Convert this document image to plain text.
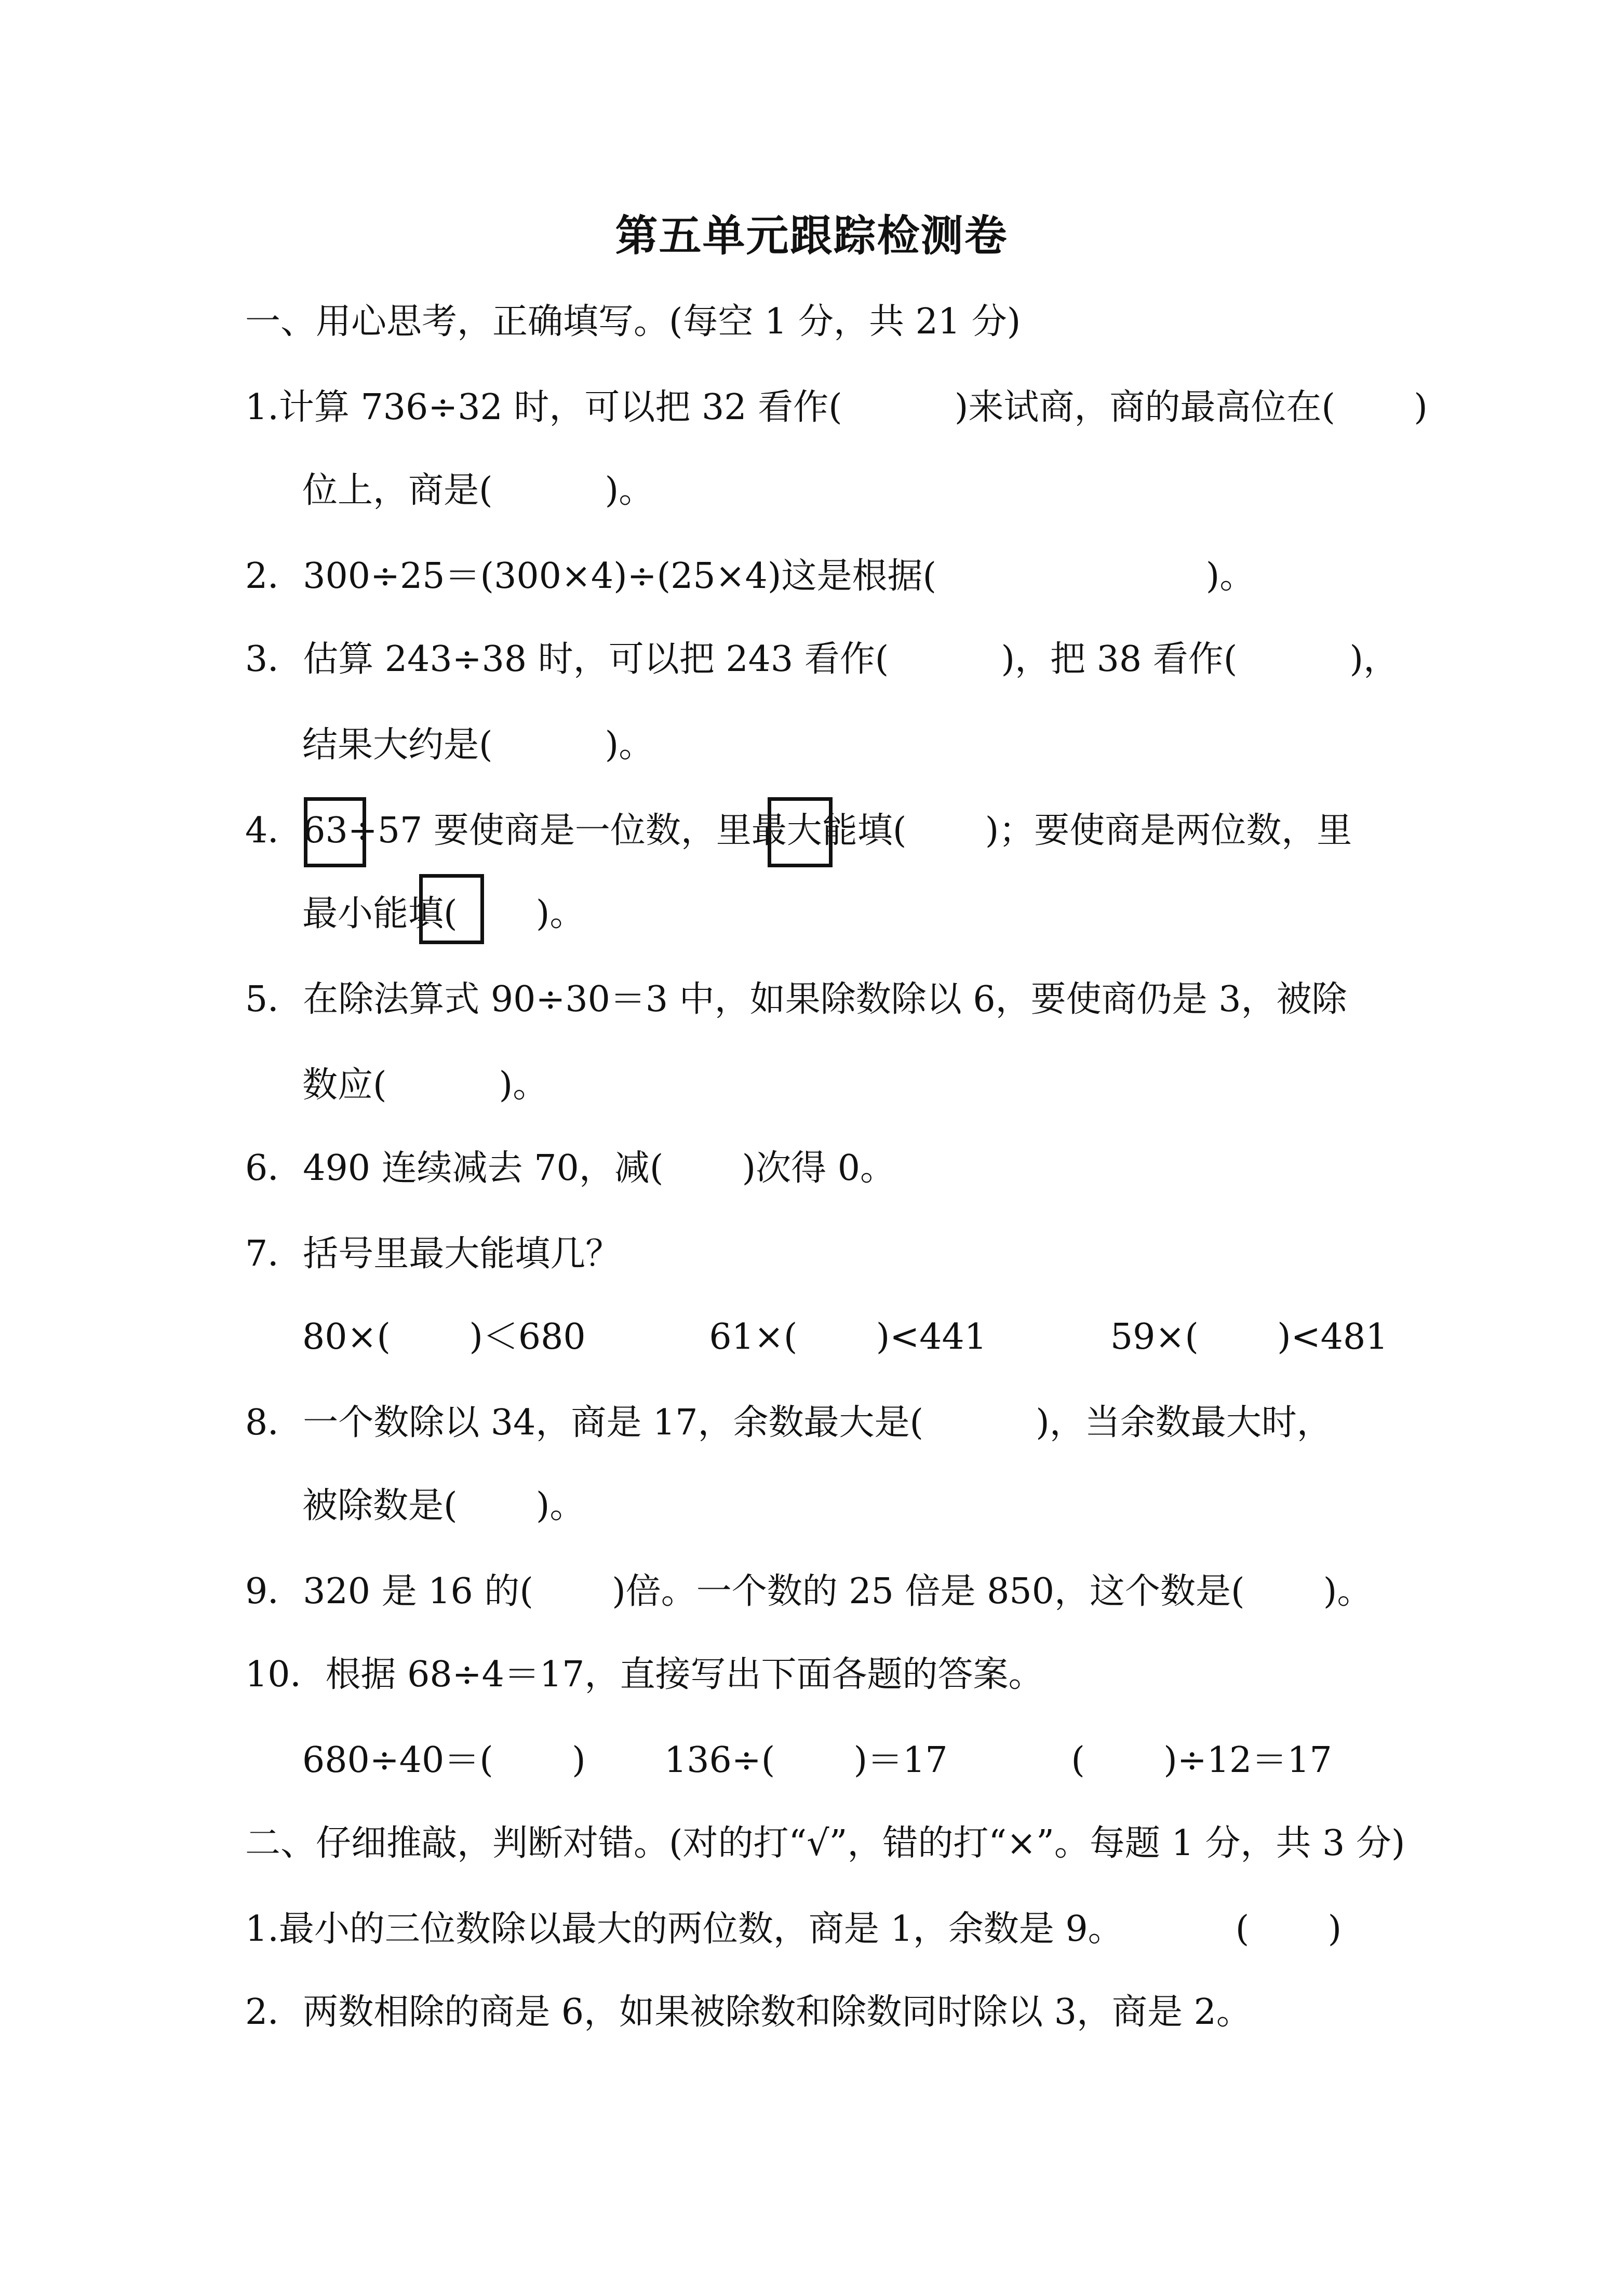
第五单元跟踪检测卷
一、用心思考，正确填写。(每空 1 分，共 21 分)
1.计算 736÷32 时，可以把 32 看作(          )来试商，商的最高位在(       )
位上，商是(          )。
2．300÷25＝(300×4)÷(25×4)这是根据(                        )。
3．估算 243÷38 时，可以把 243 看作(          )，把 38 看作(          )，
结果大约是(          )。
4．63÷57 要使商是一位数，里最大能填(       )；要使商是两位数，里
最小能填(       )。
5．在除法算式 90÷30＝3 中，如果除数除以 6，要使商仍是 3，被除
数应(          )。
6．490 连续减去 70，减(       )次得 0。
7．括号里最大能填几？
80×(       )＜680           61×(       )<441           59×(       )<481
8．一个数除以 34，商是 17，余数最大是(          )，当余数最大时，
被除数是(       )。
9．320 是 16 的(       )倍。一个数的 25 倍是 850，这个数是(       )。
10．根据 68÷4＝17，直接写出下面各题的答案。
680÷40＝(       )       136÷(       )＝17           (       )÷12＝17
二、仔细推敲，判断对错。(对的打“√”，错的打“×”。每题 1 分，共 3 分)
1.最小的三位数除以最大的两位数，商是 1，余数是 9。          (       )
2．两数相除的商是 6，如果被除数和除数同时除以 3，商是 2。
